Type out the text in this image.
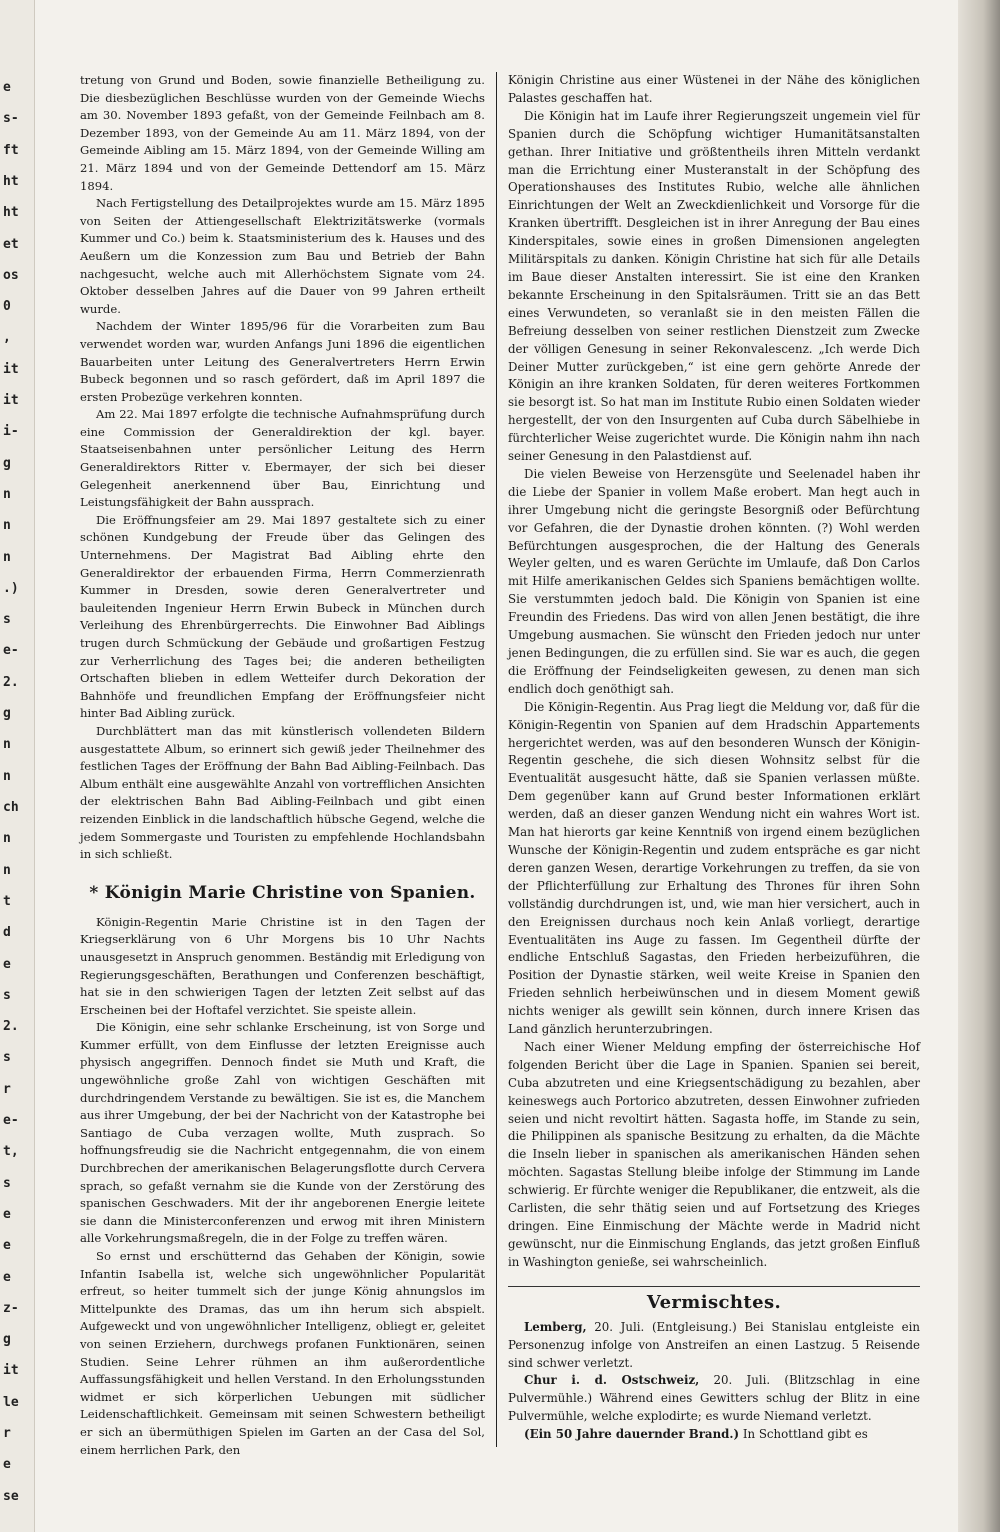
e
s-
ft
ht
ht
et
os
0
,
it
it
i-
g
n
n
n
.)
s
e-
2.
g
n
n
ch
n
n
t
d
e
s
2.
s
r
e-
t,
s
e
e
e
z-
g
it
le
r
e
se

tretung von Grund und Boden, sowie finanzielle Betheiligung zu. Die diesbezüglichen Beschlüsse wurden von der Gemeinde Wiechs am 30. November 1893 gefaßt, von der Gemeinde Feilnbach am 8. Dezember 1893, von der Gemeinde Au am 11. März 1894, von der Gemeinde Aibling am 15. März 1894, von der Gemeinde Willing am 21. März 1894 und von der Gemeinde Dettendorf am 15. März 1894.

Nach Fertigstellung des Detailprojektes wurde am 15. März 1895 von Seiten der Attiengesellschaft Elektrizitätswerke (vormals Kummer und Co.) beim k. Staatsministerium des k. Hauses und des Aeußern um die Konzession zum Bau und Betrieb der Bahn nachgesucht, welche auch mit Allerhöchstem Signate vom 24. Oktober desselben Jahres auf die Dauer von 99 Jahren ertheilt wurde.

Nachdem der Winter 1895/96 für die Vorarbeiten zum Bau verwendet worden war, wurden Anfangs Juni 1896 die eigentlichen Bauarbeiten unter Leitung des Generalvertreters Herrn Erwin Bubeck begonnen und so rasch gefördert, daß im April 1897 die ersten Probezüge verkehren konnten.

Am 22. Mai 1897 erfolgte die technische Aufnahmsprüfung durch eine Commission der Generaldirektion der kgl. bayer. Staatseisenbahnen unter persönlicher Leitung des Herrn Generaldirektors Ritter v. Ebermayer, der sich bei dieser Gelegenheit anerkennend über Bau, Einrichtung und Leistungsfähigkeit der Bahn aussprach.

Die Eröffnungsfeier am 29. Mai 1897 gestaltete sich zu einer schönen Kundgebung der Freude über das Gelingen des Unternehmens. Der Magistrat Bad Aibling ehrte den Generaldirektor der erbauenden Firma, Herrn Commerzienrath Kummer in Dresden, sowie deren Generalvertreter und bauleitenden Ingenieur Herrn Erwin Bubeck in München durch Verleihung des Ehrenbürgerrechts. Die Einwohner Bad Aiblings trugen durch Schmückung der Gebäude und großartigen Festzug zur Verherrlichung des Tages bei; die anderen betheiligten Ortschaften blieben in edlem Wetteifer durch Dekoration der Bahnhöfe und freundlichen Empfang der Eröffnungsfeier nicht hinter Bad Aibling zurück.

Durchblättert man das mit künstlerisch vollendeten Bildern ausgestattete Album, so erinnert sich gewiß jeder Theilnehmer des festlichen Tages der Eröffnung der Bahn Bad Aibling-Feilnbach. Das Album enthält eine ausgewählte Anzahl von vortrefflichen Ansichten der elektrischen Bahn Bad Aibling-Feilnbach und gibt einen reizenden Einblick in die landschaftlich hübsche Gegend, welche die jedem Sommergaste und Touristen zu empfehlende Hochlandsbahn in sich schließt.

* Königin Marie Christine von Spanien.

Königin-Regentin Marie Christine ist in den Tagen der Kriegserklärung von 6 Uhr Morgens bis 10 Uhr Nachts unausgesetzt in Anspruch genommen. Beständig mit Erledigung von Regierungsgeschäften, Berathungen und Conferenzen beschäftigt, hat sie in den schwierigen Tagen der letzten Zeit selbst auf das Erscheinen bei der Hoftafel verzichtet. Sie speiste allein.

Die Königin, eine sehr schlanke Erscheinung, ist von Sorge und Kummer erfüllt, von dem Einflusse der letzten Ereignisse auch physisch angegriffen. Dennoch findet sie Muth und Kraft, die ungewöhnliche große Zahl von wichtigen Geschäften mit durchdringendem Verstande zu bewältigen. Sie ist es, die Manchem aus ihrer Umgebung, der bei der Nachricht von der Katastrophe bei Santiago de Cuba verzagen wollte, Muth zusprach. So hoffnungsfreudig sie die Nachricht entgegennahm, die von einem Durchbrechen der amerikanischen Belagerungsflotte durch Cervera sprach, so gefaßt vernahm sie die Kunde von der Zerstörung des spanischen Geschwaders. Mit der ihr angeborenen Energie leitete sie dann die Ministerconferenzen und erwog mit ihren Ministern alle Vorkehrungsmaßregeln, die in der Folge zu treffen wären.

So ernst und erschütternd das Gehaben der Königin, sowie Infantin Isabella ist, welche sich ungewöhnlicher Popularität erfreut, so heiter tummelt sich der junge König ahnungslos im Mittelpunkte des Dramas, das um ihn herum sich abspielt. Aufgeweckt und von ungewöhnlicher Intelligenz, obliegt er, geleitet von seinen Erziehern, durchwegs profanen Funktionären, seinen Studien. Seine Lehrer rühmen an ihm außerordentliche Auffassungsfähigkeit und hellen Verstand. In den Erholungsstunden widmet er sich körperlichen Uebungen mit südlicher Leidenschaftlichkeit. Gemeinsam mit seinen Schwestern betheiligt er sich an übermüthigen Spielen im Garten an der Casa del Sol, einem herrlichen Park, den

Königin Christine aus einer Wüstenei in der Nähe des königlichen Palastes geschaffen hat.

Die Königin hat im Laufe ihrer Regierungszeit ungemein viel für Spanien durch die Schöpfung wichtiger Humanitätsanstalten gethan. Ihrer Initiative und größtentheils ihren Mitteln verdankt man die Errichtung einer Musteranstalt in der Schöpfung des Operationshauses des Institutes Rubio, welche alle ähnlichen Einrichtungen der Welt an Zweckdienlichkeit und Vorsorge für die Kranken übertrifft. Desgleichen ist in ihrer Anregung der Bau eines Kinderspitales, sowie eines in großen Dimensionen angelegten Militärspitals zu danken. Königin Christine hat sich für alle Details im Baue dieser Anstalten interessirt. Sie ist eine den Kranken bekannte Erscheinung in den Spitalsräumen. Tritt sie an das Bett eines Verwundeten, so veranlaßt sie in den meisten Fällen die Befreiung desselben von seiner restlichen Dienstzeit zum Zwecke der völligen Genesung in seiner Rekonvalescenz. „Ich werde Dich Deiner Mutter zurückgeben,“ ist eine gern gehörte Anrede der Königin an ihre kranken Soldaten, für deren weiteres Fortkommen sie besorgt ist. So hat man im Institute Rubio einen Soldaten wieder hergestellt, der von den Insurgenten auf Cuba durch Säbelhiebe in fürchterlicher Weise zugerichtet wurde. Die Königin nahm ihn nach seiner Genesung in den Palastdienst auf.

Die vielen Beweise von Herzensgüte und Seelenadel haben ihr die Liebe der Spanier in vollem Maße erobert. Man hegt auch in ihrer Umgebung nicht die geringste Besorgniß oder Befürchtung vor Gefahren, die der Dynastie drohen könnten. (?) Wohl werden Befürchtungen ausgesprochen, die der Haltung des Generals Weyler gelten, und es waren Gerüchte im Umlaufe, daß Don Carlos mit Hilfe amerikanischen Geldes sich Spaniens bemächtigen wollte. Sie verstummten jedoch bald. Die Königin von Spanien ist eine Freundin des Friedens. Das wird von allen Jenen bestätigt, die ihre Umgebung ausmachen. Sie wünscht den Frieden jedoch nur unter jenen Bedingungen, die zu erfüllen sind. Sie war es auch, die gegen die Eröffnung der Feindseligkeiten gewesen, zu denen man sich endlich doch genöthigt sah.

Die Königin-Regentin. Aus Prag liegt die Meldung vor, daß für die Königin-Regentin von Spanien auf dem Hradschin Appartements hergerichtet werden, was auf den besonderen Wunsch der Königin-Regentin geschehe, die sich diesen Wohnsitz selbst für die Eventualität ausgesucht hätte, daß sie Spanien verlassen müßte. Dem gegenüber kann auf Grund bester Informationen erklärt werden, daß an dieser ganzen Wendung nicht ein wahres Wort ist. Man hat hierorts gar keine Kenntniß von irgend einem bezüglichen Wunsche der Königin-Regentin und zudem entspräche es gar nicht deren ganzen Wesen, derartige Vorkehrungen zu treffen, da sie von der Pflichterfüllung zur Erhaltung des Thrones für ihren Sohn vollständig durchdrungen ist, und, wie man hier versichert, auch in den Ereignissen durchaus noch kein Anlaß vorliegt, derartige Eventualitäten ins Auge zu fassen. Im Gegentheil dürfte der endliche Entschluß Sagastas, den Frieden herbeizuführen, die Position der Dynastie stärken, weil weite Kreise in Spanien den Frieden sehnlich herbeiwünschen und in diesem Moment gewiß nichts weniger als gewillt sein können, durch innere Krisen das Land gänzlich herunterzubringen.

Nach einer Wiener Meldung empfing der österreichische Hof folgenden Bericht über die Lage in Spanien. Spanien sei bereit, Cuba abzutreten und eine Kriegsentschädigung zu bezahlen, aber keineswegs auch Portorico abzutreten, dessen Einwohner zufrieden seien und nicht revoltirt hätten. Sagasta hoffe, im Stande zu sein, die Philippinen als spanische Besitzung zu erhalten, da die Mächte die Inseln lieber in spanischen als amerikanischen Händen sehen möchten. Sagastas Stellung bleibe infolge der Stimmung im Lande schwierig. Er fürchte weniger die Republikaner, die entzweit, als die Carlisten, die sehr thätig seien und auf Fortsetzung des Krieges dringen. Eine Einmischung der Mächte werde in Madrid nicht gewünscht, nur die Einmischung Englands, das jetzt großen Einfluß in Washington genieße, sei wahrscheinlich.

Vermischtes.

Lemberg, 20. Juli. (Entgleisung.) Bei Stanislau entgleiste ein Personenzug infolge von Anstreifen an einen Lastzug. 5 Reisende sind schwer verletzt.

Chur i. d. Ostschweiz, 20. Juli. (Blitzschlag in eine Pulvermühle.) Während eines Gewitters schlug der Blitz in eine Pulvermühle, welche explodirte; es wurde Niemand verletzt.

(Ein 50 Jahre dauernder Brand.) In Schottland gibt es
